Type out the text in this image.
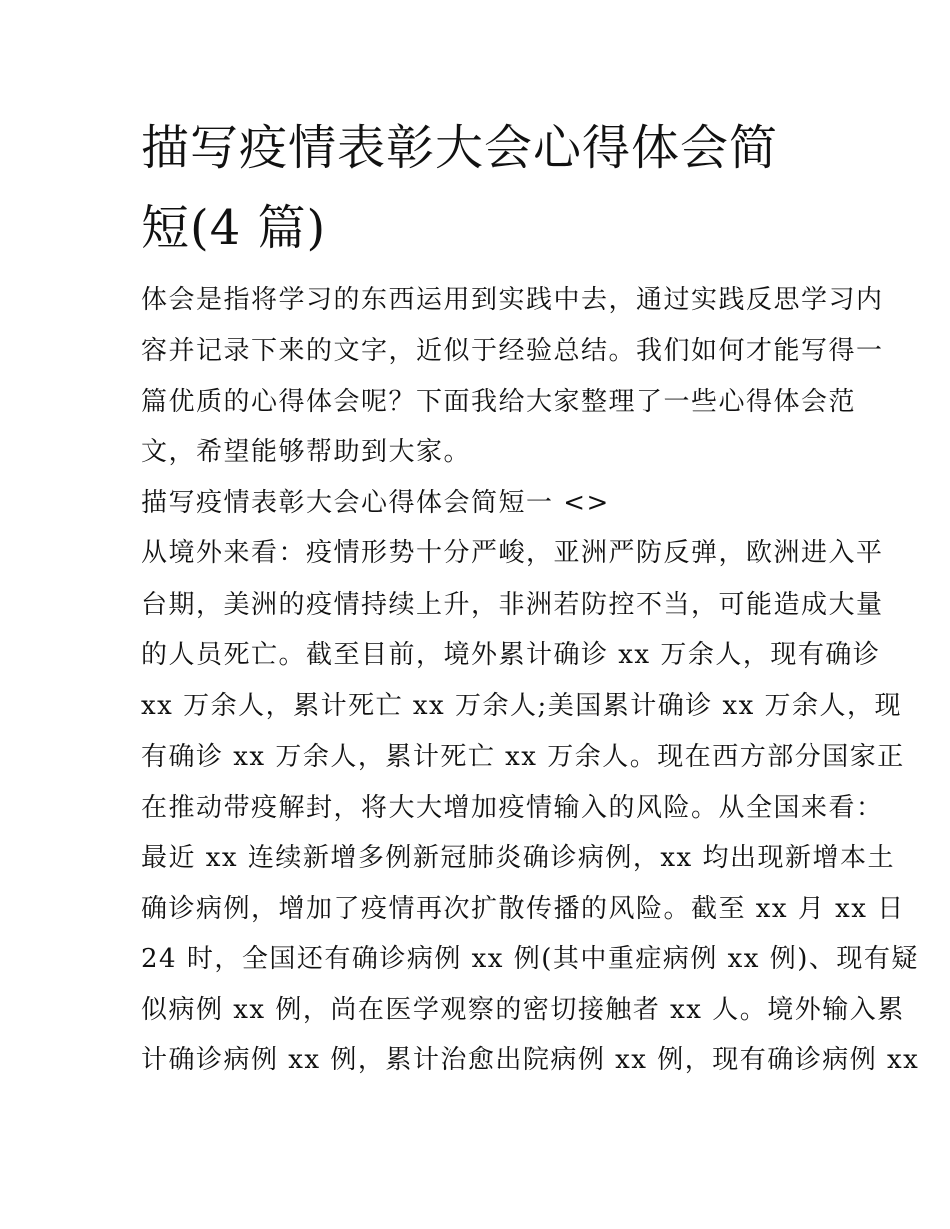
描写疫情表彰大会心得体会简
短(4 篇)
体会是指将学习的东西运用到实践中去，通过实践反思学习内
容并记录下来的文字，近似于经验总结。我们如何才能写得一
篇优质的心得体会呢？下面我给大家整理了一些心得体会范
文，希望能够帮助到大家。
描写疫情表彰大会心得体会简短一 <>
从境外来看：疫情形势十分严峻，亚洲严防反弹，欧洲进入平
台期，美洲的疫情持续上升，非洲若防控不当，可能造成大量
的人员死亡。截至目前，境外累计确诊 xx 万余人，现有确诊
xx 万余人，累计死亡 xx 万余人;美国累计确诊 xx 万余人，现
有确诊 xx 万余人，累计死亡 xx 万余人。现在西方部分国家正
在推动带疫解封，将大大增加疫情输入的风险。从全国来看：
最近 xx 连续新增多例新冠肺炎确诊病例，xx 均出现新增本土
确诊病例，增加了疫情再次扩散传播的风险。截至 xx 月 xx 日
24 时，全国还有确诊病例 xx 例(其中重症病例 xx 例)、现有疑
似病例 xx 例，尚在医学观察的密切接触者 xx 人。境外输入累
计确诊病例 xx 例，累计治愈出院病例 xx 例，现有确诊病例 xx
